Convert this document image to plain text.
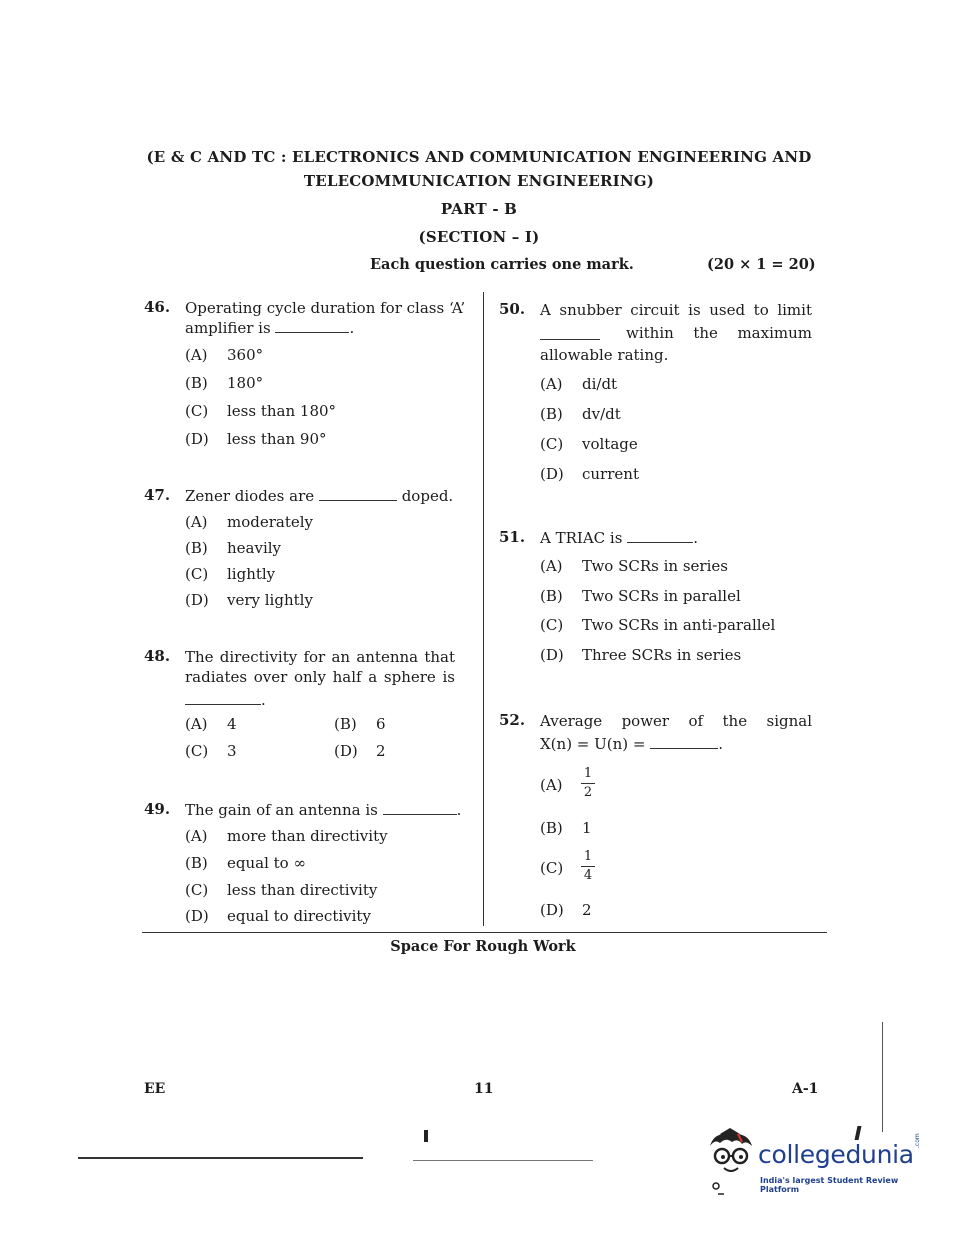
(E & C AND TC : ELECTRONICS AND COMMUNICATION ENGINEERING AND
TELECOMMUNICATION ENGINEERING)
PART - B
(SECTION – I)
Each question carries one mark.	(20 × 1 = 20)
46. Operating cycle duration for class ‘A’
amplifier is	.
(A) 360°
(B) 180°
(C) less than 180°
(D) less than 90°
47. Zener diodes are	doped.
(A) moderately
(B) heavily
(C) lightly
(D) very lightly
48. The directivity for an antenna that
radiates over only half a sphere is
.
(A) 4	(B) 6
(C) 3	(D) 2
49. The gain of an antenna is	.
(A) more than directivity
(B) equal to ∞
(C) less than directivity
(D) equal to directivity
50. A snubber circuit is used to limit
within the maximum
allowable rating.
(A) di/dt
(B) dv/dt
(C) voltage
(D) current
51. A TRIAC is	.
(A) Two SCRs in series
(B) Two SCRs in parallel
(C) Two SCRs in anti-parallel
(D) Three SCRs in series
52. Average power of the signal
X(n) = U(n) =	.
(A)
1
2
(B) 1
(C)
1
4
(D) 2
Space For Rough Work
EE	11	A-1
collegedunia .com
India's largest Student Review Platform
